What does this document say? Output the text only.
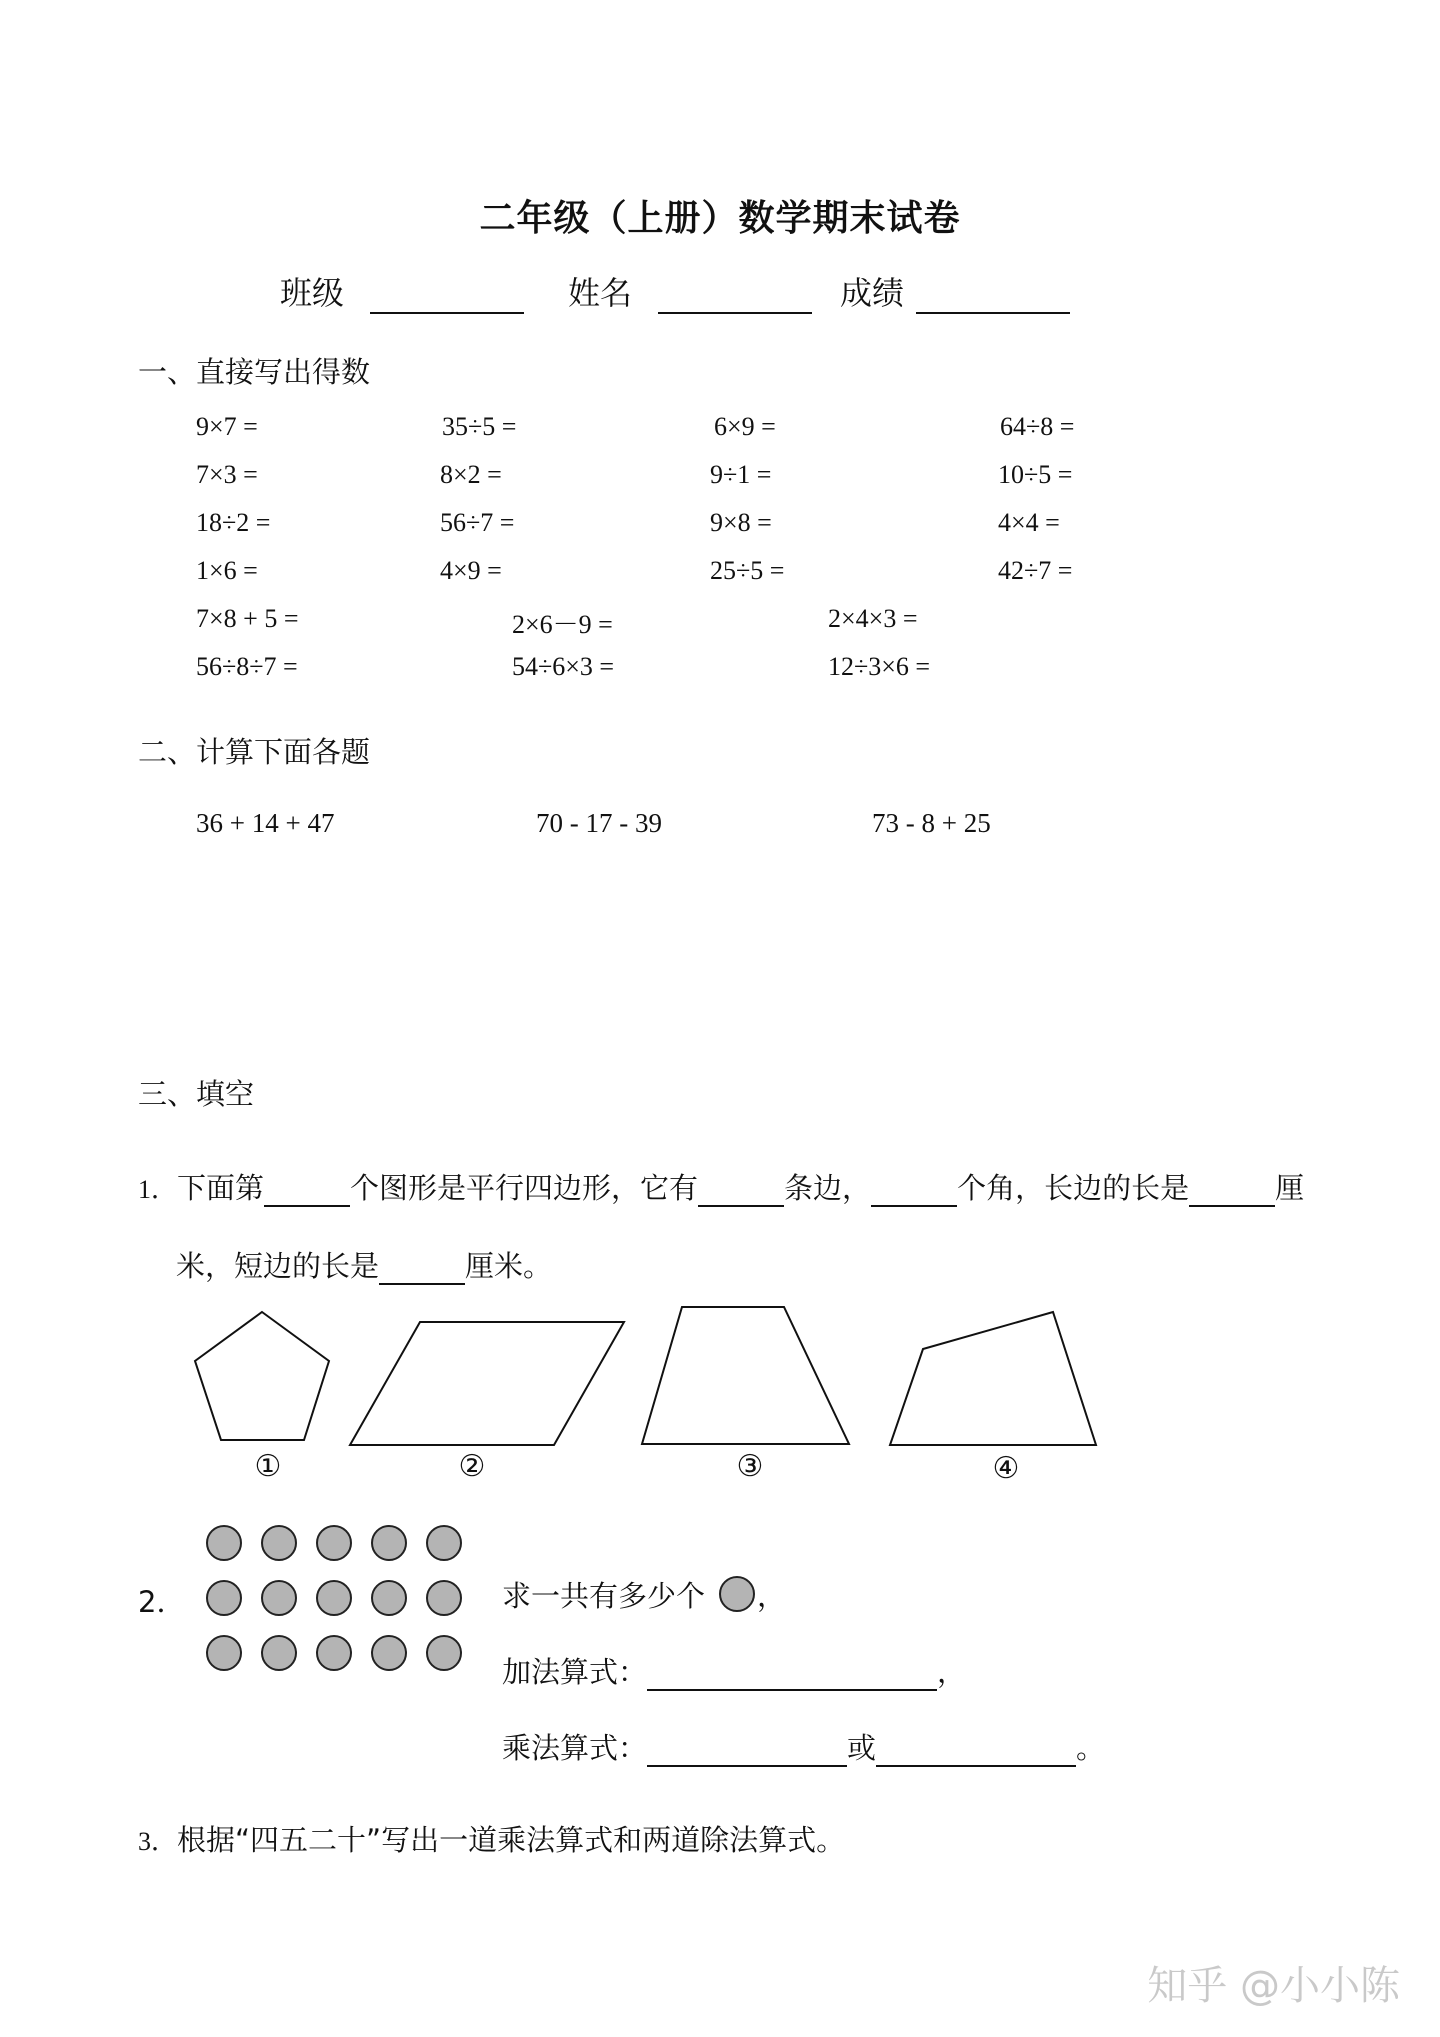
二年级（上册）数学期末试卷
班级	姓名	成绩
一、直接写出得数
9×7 =	35÷5 =	6×9 =	64÷8 =
7×3 =	8×2 =	9÷1 =	10÷5 =
18÷2 =	56÷7 =	9×8 =	4×4 =
1×6 =	4×9 =	25÷5 =	42÷7 =
7×8 + 5 =	2×6－9 =	2×4×3 =
56÷8÷7 =	54÷6×3 =	12÷3×6 =
二、计算下面各题
36 + 14 + 47	70 - 17 - 39	73 - 8 + 25
三、填空
1．下面第	个图形是平行四边形，它有	条边，	个角，长边的长是	厘
米，短边的长是	厘米。
①	②	③	④
2．	求一共有多少个 ，
加法算式：	，
乘法算式：	或	。
3．根据“四五二十”写出一道乘法算式和两道除法算式。
知乎 @小小陈
